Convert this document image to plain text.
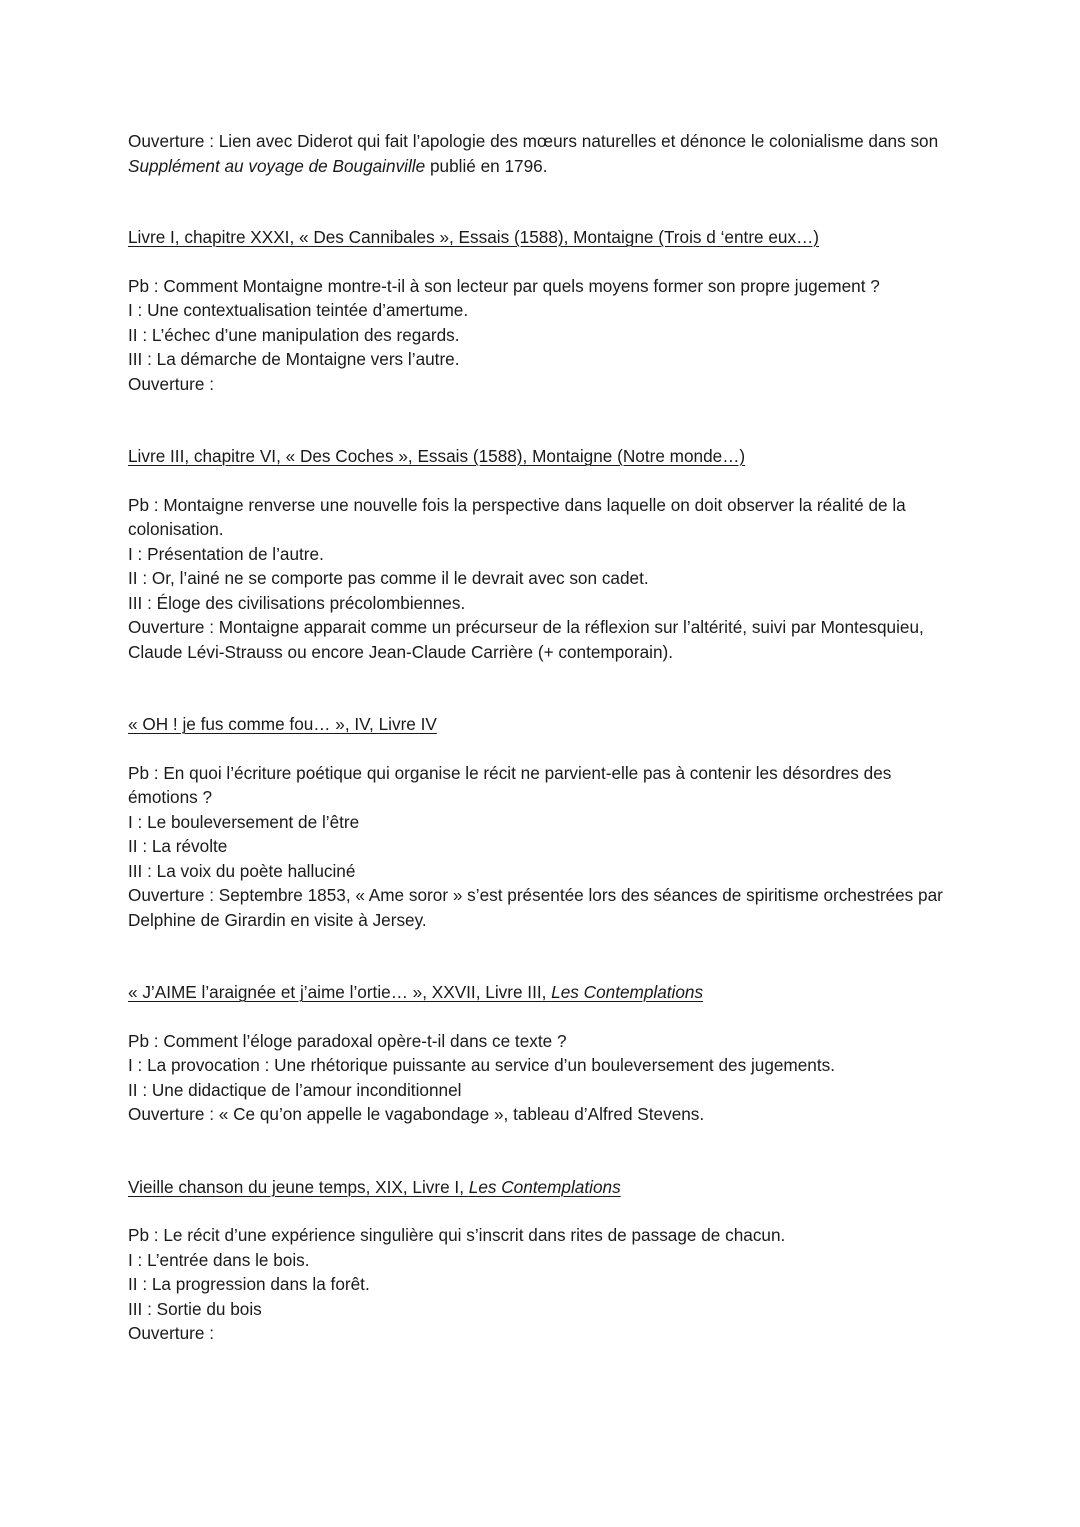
Ouverture : Lien avec Diderot qui fait l’apologie des mœurs naturelles et dénonce le colonialisme dans son Supplément au voyage de Bougainville publié en 1796.
Livre I, chapitre XXXI, « Des Cannibales », Essais (1588), Montaigne (Trois d ‘entre eux…)
Pb : Comment Montaigne montre-t-il à son lecteur par quels moyens former son propre jugement ?
I : Une contextualisation teintée d’amertume.
II : L’échec d’une manipulation des regards.
III : La démarche de Montaigne vers l’autre.
Ouverture :
Livre III, chapitre VI, « Des Coches », Essais (1588), Montaigne (Notre monde…)
Pb : Montaigne renverse une nouvelle fois la perspective dans laquelle on doit observer la réalité de la colonisation.
I : Présentation de l’autre.
II : Or, l’ainé ne se comporte pas comme il le devrait avec son cadet.
III : Éloge des civilisations précolombiennes.
Ouverture : Montaigne apparait comme un précurseur de la réflexion sur l’altérité, suivi par Montesquieu, Claude Lévi-Strauss ou encore Jean-Claude Carrière (+ contemporain).
« OH ! je fus comme fou… », IV, Livre IV
Pb : En quoi l’écriture poétique qui organise le récit ne parvient-elle pas à contenir les désordres des émotions ?
I : Le bouleversement de l’être
II : La révolte
III : La voix du poète halluciné
Ouverture : Septembre 1853, « Ame soror » s’est présentée lors des séances de spiritisme orchestrées par Delphine de Girardin en visite à Jersey.
« J’AIME l’araignée et j’aime l’ortie… », XXVII, Livre III, Les Contemplations
Pb : Comment l’éloge paradoxal opère-t-il dans ce texte ?
I : La provocation : Une rhétorique puissante au service d’un bouleversement des jugements.
II : Une didactique de l’amour inconditionnel
Ouverture : « Ce qu’on appelle le vagabondage », tableau d’Alfred Stevens.
Vieille chanson du jeune temps, XIX, Livre I, Les Contemplations
Pb : Le récit d’une expérience singulière qui s’inscrit dans rites de passage de chacun.
I : L’entrée dans le bois.
II : La progression dans la forêt.
III : Sortie du bois
Ouverture :
